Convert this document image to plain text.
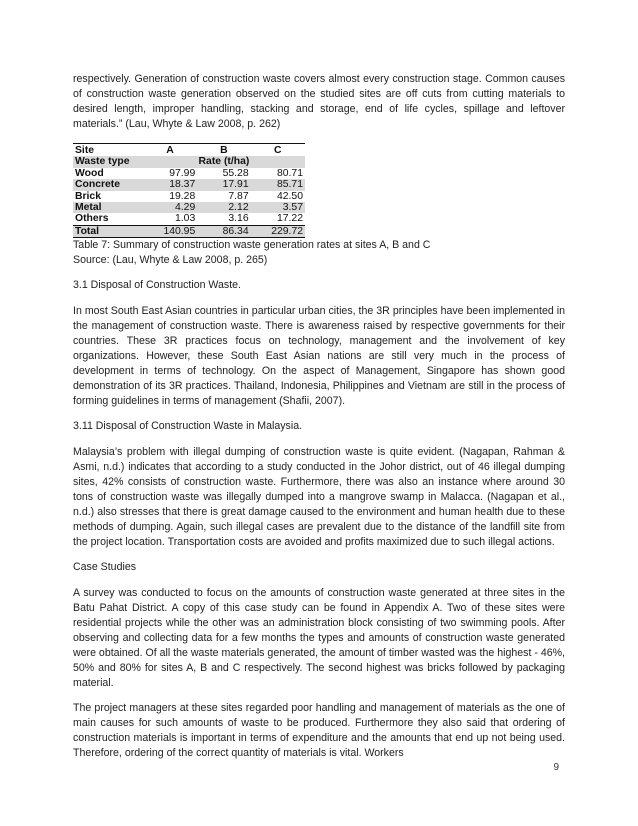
respectively. Generation of construction waste covers almost every construction stage. Common causes of construction waste generation observed on the studied sites are off cuts from cutting materials to desired length, improper handling, stacking and storage, end of life cycles, spillage and leftover materials.” (Lau, Whyte & Law 2008, p. 262)

Site	A	B	C
Waste type	Rate (t/ha)		
Wood	97.99	55.28	80.71
Concrete	18.37	17.91	85.71
Brick	19.28	7.87	42.50
Metal	4.29	2.12	3.57
Others	1.03	3.16	17.22
Total	140.95	86.34	229.72

Table 7: Summary of construction waste generation rates at sites A, B and C
Source: (Lau, Whyte & Law 2008, p. 265)

3.1 Disposal of Construction Waste.

In most South East Asian countries in particular urban cities, the 3R principles have been implemented in the management of construction waste. There is awareness raised by respective governments for their countries. These 3R practices focus on technology, management and the involvement of key organizations. However, these South East Asian nations are still very much in the process of development in terms of technology. On the aspect of Management, Singapore has shown good demonstration of its 3R practices. Thailand, Indonesia, Philippines and Vietnam are still in the process of forming guidelines in terms of management (Shafii, 2007).

3.11 Disposal of Construction Waste in Malaysia.

Malaysia’s problem with illegal dumping of construction waste is quite evident. (Nagapan, Rahman & Asmi, n.d.) indicates that according to a study conducted in the Johor district, out of 46 illegal dumping sites, 42% consists of construction waste. Furthermore, there was also an instance where around 30 tons of construction waste was illegally dumped into a mangrove swamp in Malacca. (Nagapan et al., n.d.) also stresses that there is great damage caused to the environment and human health due to these methods of dumping. Again, such illegal cases are prevalent due to the distance of the landfill site from the project location. Transportation costs are avoided and profits maximized due to such illegal actions.

Case Studies

A survey was conducted to focus on the amounts of construction waste generated at three sites in the Batu Pahat District. A copy of this case study can be found in Appendix A. Two of these sites were residential projects while the other was an administration block consisting of two swimming pools. After observing and collecting data for a few months the types and amounts of construction waste generated were obtained. Of all the waste materials generated, the amount of timber wasted was the highest - 46%, 50% and 80% for sites A, B and C respectively. The second highest was bricks followed by packaging material.

The project managers at these sites regarded poor handling and management of materials as the one of main causes for such amounts of waste to be produced. Furthermore they also said that ordering of construction materials is important in terms of expenditure and the amounts that end up not being used. Therefore, ordering of the correct quantity of materials is vital. Workers

9
